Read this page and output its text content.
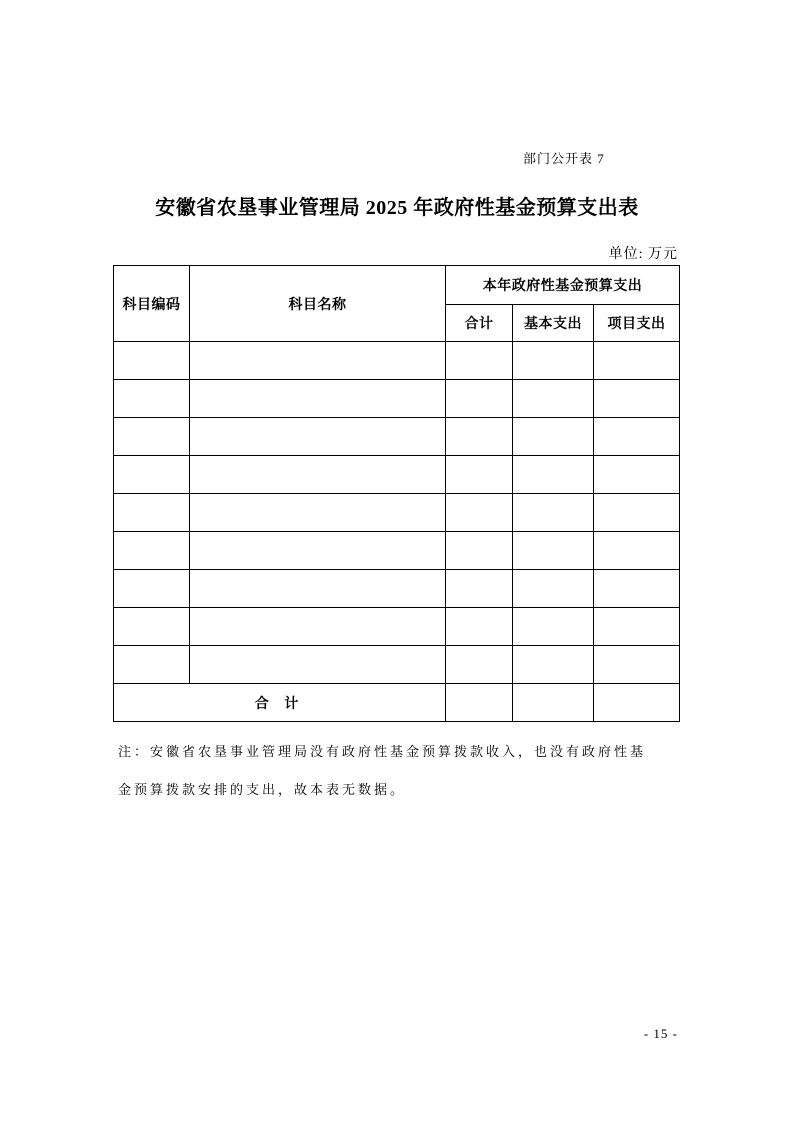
部门公开表 7
安徽省农垦事业管理局 2025 年政府性基金预算支出表
单位: 万元
科目编码	科目名称	本年政府性基金预算支出		
		合计	基本支出	项目支出

合 计				
注：安徽省农垦事业管理局没有政府性基金预算拨款收入，也没有政府性基
金预算拨款安排的支出，故本表无数据。
- 15 -
